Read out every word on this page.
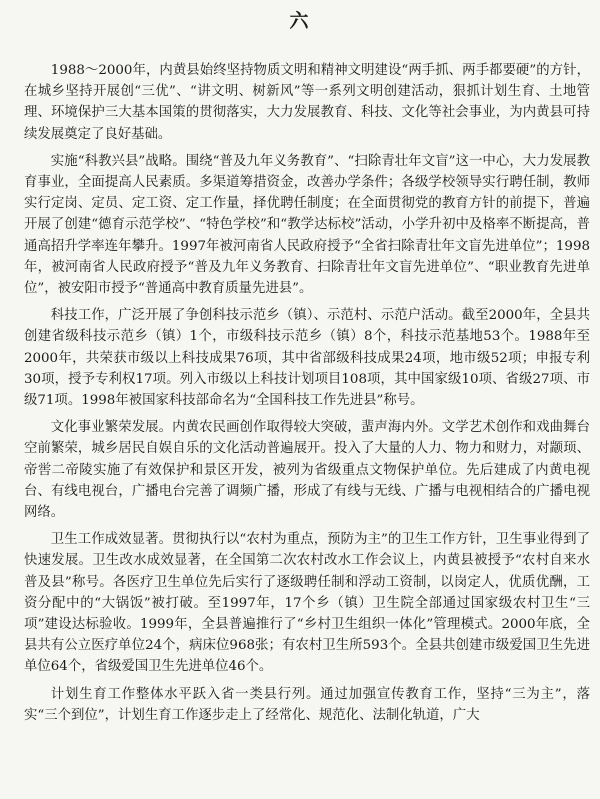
六

1988～2000年，内黄县始终坚持物质文明和精神文明建设“两手抓、两手都要硬”的方针，在城乡坚持开展创“三优”、“讲文明、树新风”等一系列文明创建活动，狠抓计划生育、土地管理、环境保护三大基本国策的贯彻落实，大力发展教育、科技、文化等社会事业，为内黄县可持续发展奠定了良好基础。

实施“科教兴县”战略。围绕“普及九年义务教育”、“扫除青壮年文盲”这一中心，大力发展教育事业，全面提高人民素质。多渠道筹措资金，改善办学条件；各级学校领导实行聘任制，教师实行定岗、定员、定工资、定工作量，择优聘任制度；在全面贯彻党的教育方针的前提下，普遍开展了创建“德育示范学校”、“特色学校”和“教学达标校”活动，小学升初中及格率不断提高，普通高招升学率连年攀升。1997年被河南省人民政府授予“全省扫除青壮年文盲先进单位”；1998年，被河南省人民政府授予“普及九年义务教育、扫除青壮年文盲先进单位”、“职业教育先进单位”，被安阳市授予“普通高中教育质量先进县”。

科技工作，广泛开展了争创科技示范乡（镇）、示范村、示范户活动。截至2000年，全县共创建省级科技示范乡（镇）1个，市级科技示范乡（镇）8个，科技示范基地53个。1988年至2000年，共荣获市级以上科技成果76项，其中省部级科技成果24项，地市级52项；申报专利30项，授予专利权17项。列入市级以上科技计划项目108项，其中国家级10项、省级27项、市级71项。1998年被国家科技部命名为“全国科技工作先进县”称号。

文化事业繁荣发展。内黄农民画创作取得较大突破，蜚声海内外。文学艺术创作和戏曲舞台空前繁荣，城乡居民自娱自乐的文化活动普遍展开。投入了大量的人力、物力和财力，对颛顼、帝喾二帝陵实施了有效保护和景区开发，被列为省级重点文物保护单位。先后建成了内黄电视台、有线电视台，广播电台完善了调频广播，形成了有线与无线、广播与电视相结合的广播电视网络。

卫生工作成效显著。贯彻执行以“农村为重点，预防为主”的卫生工作方针，卫生事业得到了快速发展。卫生改水成效显著，在全国第二次农村改水工作会议上，内黄县被授予“农村自来水普及县”称号。各医疗卫生单位先后实行了逐级聘任制和浮动工资制，以岗定人，优质优酬，工资分配中的“大锅饭”被打破。至1997年，17个乡（镇）卫生院全部通过国家级农村卫生“三项”建设达标验收。1999年，全县普遍推行了“乡村卫生组织一体化”管理模式。2000年底，全县共有公立医疗单位24个，病床位968张；有农村卫生所593个。全县共创建市级爱国卫生先进单位64个，省级爱国卫生先进单位46个。

计划生育工作整体水平跃入省一类县行列。通过加强宣传教育工作，坚持“三为主”，落实“三个到位”，计划生育工作逐步走上了经常化、规范化、法制化轨道，广大
